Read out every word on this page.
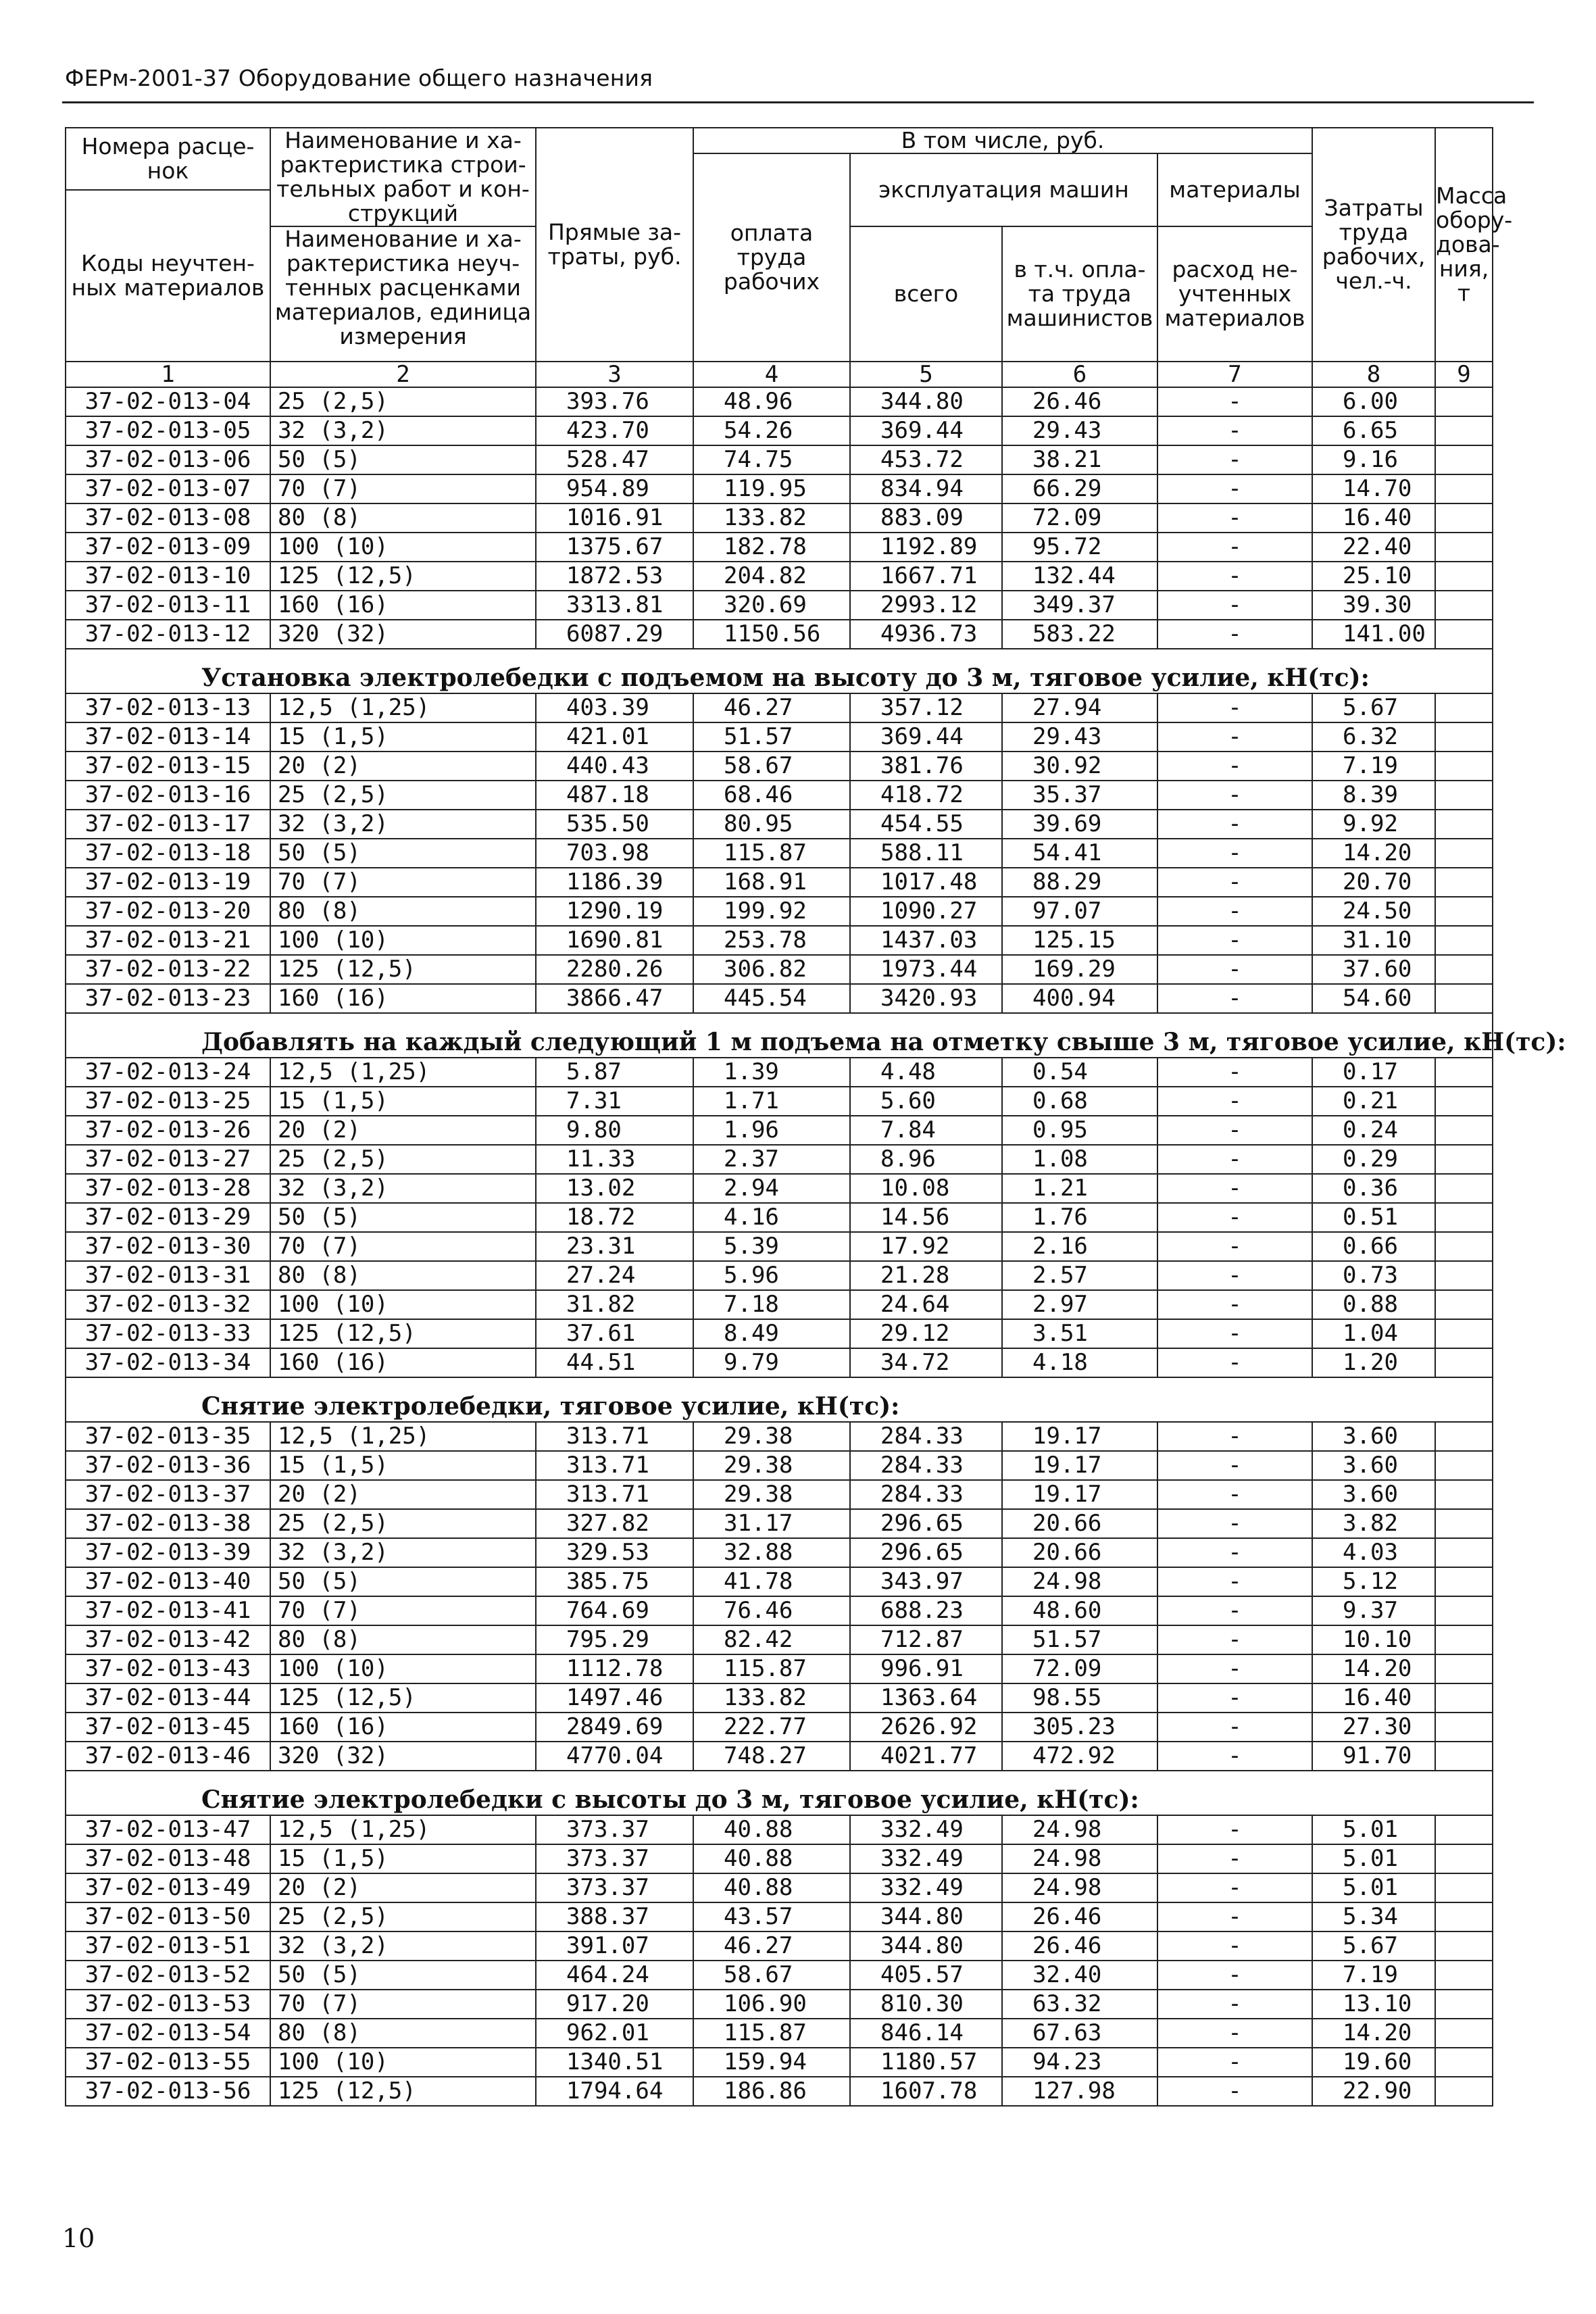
ФЕРм-2001-37 Оборудование общего назначения
Номера расце-нок	Наименование и ха-рактеристика строи-тельных работ и кон-струкций	Прямые за-траты, руб.	В том числе, руб.				Затраты труда рабочих, чел.-ч.	Масса обору-дова-ния, т
			оплата труда рабочих	эксплуатация машин		материалы		
Коды неучтен-ных материалов								
	Наименование и ха-рактеристика неуч-тенных расценками материалов, единица измерения			всего	в т.ч. опла-та труда машинистов	расход не-учтенных материалов		

1	2	3	4	5	6	7	8	9
37-02-013-04	25 (2,5)	393.76	48.96	344.80	26.46	-	6.00	
37-02-013-05	32 (3,2)	423.70	54.26	369.44	29.43	-	6.65	
37-02-013-06	50 (5)	528.47	74.75	453.72	38.21	-	9.16	
37-02-013-07	70 (7)	954.89	119.95	834.94	66.29	-	14.70	
37-02-013-08	80 (8)	1016.91	133.82	883.09	72.09	-	16.40	
37-02-013-09	100 (10)	1375.67	182.78	1192.89	95.72	-	22.40	
37-02-013-10	125 (12,5)	1872.53	204.82	1667.71	132.44	-	25.10	
37-02-013-11	160 (16)	3313.81	320.69	2993.12	349.37	-	39.30	
37-02-013-12	320 (32)	6087.29	1150.56	4936.73	583.22	-	141.00	
Установка электролебедки с подъемом на высоту до 3 м, тяговое усилие, кН(тс):								
37-02-013-13	12,5 (1,25)	403.39	46.27	357.12	27.94	-	5.67	
37-02-013-14	15 (1,5)	421.01	51.57	369.44	29.43	-	6.32	
37-02-013-15	20 (2)	440.43	58.67	381.76	30.92	-	7.19	
37-02-013-16	25 (2,5)	487.18	68.46	418.72	35.37	-	8.39	
37-02-013-17	32 (3,2)	535.50	80.95	454.55	39.69	-	9.92	
37-02-013-18	50 (5)	703.98	115.87	588.11	54.41	-	14.20	
37-02-013-19	70 (7)	1186.39	168.91	1017.48	88.29	-	20.70	
37-02-013-20	80 (8)	1290.19	199.92	1090.27	97.07	-	24.50	
37-02-013-21	100 (10)	1690.81	253.78	1437.03	125.15	-	31.10	
37-02-013-22	125 (12,5)	2280.26	306.82	1973.44	169.29	-	37.60	
37-02-013-23	160 (16)	3866.47	445.54	3420.93	400.94	-	54.60	
Добавлять на каждый следующий 1 м подъема на отметку свыше 3 м, тяговое усилие, кН(тс):								
37-02-013-24	12,5 (1,25)	5.87	1.39	4.48	0.54	-	0.17	
37-02-013-25	15 (1,5)	7.31	1.71	5.60	0.68	-	0.21	
37-02-013-26	20 (2)	9.80	1.96	7.84	0.95	-	0.24	
37-02-013-27	25 (2,5)	11.33	2.37	8.96	1.08	-	0.29	
37-02-013-28	32 (3,2)	13.02	2.94	10.08	1.21	-	0.36	
37-02-013-29	50 (5)	18.72	4.16	14.56	1.76	-	0.51	
37-02-013-30	70 (7)	23.31	5.39	17.92	2.16	-	0.66	
37-02-013-31	80 (8)	27.24	5.96	21.28	2.57	-	0.73	
37-02-013-32	100 (10)	31.82	7.18	24.64	2.97	-	0.88	
37-02-013-33	125 (12,5)	37.61	8.49	29.12	3.51	-	1.04	
37-02-013-34	160 (16)	44.51	9.79	34.72	4.18	-	1.20	
Снятие электролебедки, тяговое усилие, кН(тс):								
37-02-013-35	12,5 (1,25)	313.71	29.38	284.33	19.17	-	3.60	
37-02-013-36	15 (1,5)	313.71	29.38	284.33	19.17	-	3.60	
37-02-013-37	20 (2)	313.71	29.38	284.33	19.17	-	3.60	
37-02-013-38	25 (2,5)	327.82	31.17	296.65	20.66	-	3.82	
37-02-013-39	32 (3,2)	329.53	32.88	296.65	20.66	-	4.03	
37-02-013-40	50 (5)	385.75	41.78	343.97	24.98	-	5.12	
37-02-013-41	70 (7)	764.69	76.46	688.23	48.60	-	9.37	
37-02-013-42	80 (8)	795.29	82.42	712.87	51.57	-	10.10	
37-02-013-43	100 (10)	1112.78	115.87	996.91	72.09	-	14.20	
37-02-013-44	125 (12,5)	1497.46	133.82	1363.64	98.55	-	16.40	
37-02-013-45	160 (16)	2849.69	222.77	2626.92	305.23	-	27.30	
37-02-013-46	320 (32)	4770.04	748.27	4021.77	472.92	-	91.70	
Снятие электролебедки с высоты до 3 м, тяговое усилие, кН(тс):								
37-02-013-47	12,5 (1,25)	373.37	40.88	332.49	24.98	-	5.01	
37-02-013-48	15 (1,5)	373.37	40.88	332.49	24.98	-	5.01	
37-02-013-49	20 (2)	373.37	40.88	332.49	24.98	-	5.01	
37-02-013-50	25 (2,5)	388.37	43.57	344.80	26.46	-	5.34	
37-02-013-51	32 (3,2)	391.07	46.27	344.80	26.46	-	5.67	
37-02-013-52	50 (5)	464.24	58.67	405.57	32.40	-	7.19	
37-02-013-53	70 (7)	917.20	106.90	810.30	63.32	-	13.10	
37-02-013-54	80 (8)	962.01	115.87	846.14	67.63	-	14.20	
37-02-013-55	100 (10)	1340.51	159.94	1180.57	94.23	-	19.60	
37-02-013-56	125 (12,5)	1794.64	186.86	1607.78	127.98	-	22.90	
10
